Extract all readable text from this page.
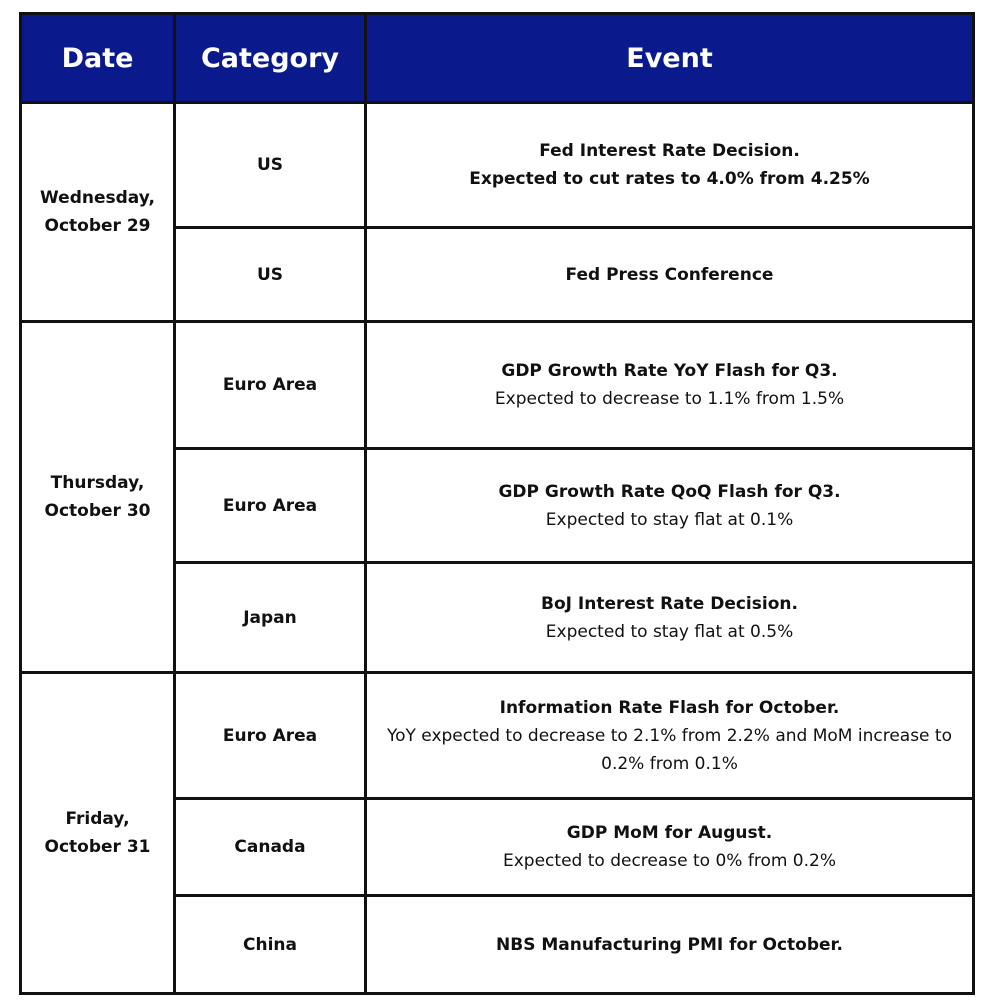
Date	Category	Event

Wednesday,
October 29	US	Fed Interest Rate Decision.
Expected to cut rates to 4.0% from 4.25%

	US	Fed Press Conference

Thursday,
October 30	Euro Area	GDP Growth Rate YoY Flash for Q3.
Expected to decrease to 1.1% from 1.5%

	Euro Area	GDP Growth Rate QoQ Flash for Q3.
Expected to stay flat at 0.1%

	Japan	BoJ Interest Rate Decision.
Expected to stay flat at 0.5%

Friday,
October 31	Euro Area	Information Rate Flash for October.
YoY expected to decrease to 2.1% from 2.2% and MoM increase to 0.2% from 0.1%

	Canada	GDP MoM for August.
Expected to decrease to 0% from 0.2%

	China	NBS Manufacturing PMI for October.
